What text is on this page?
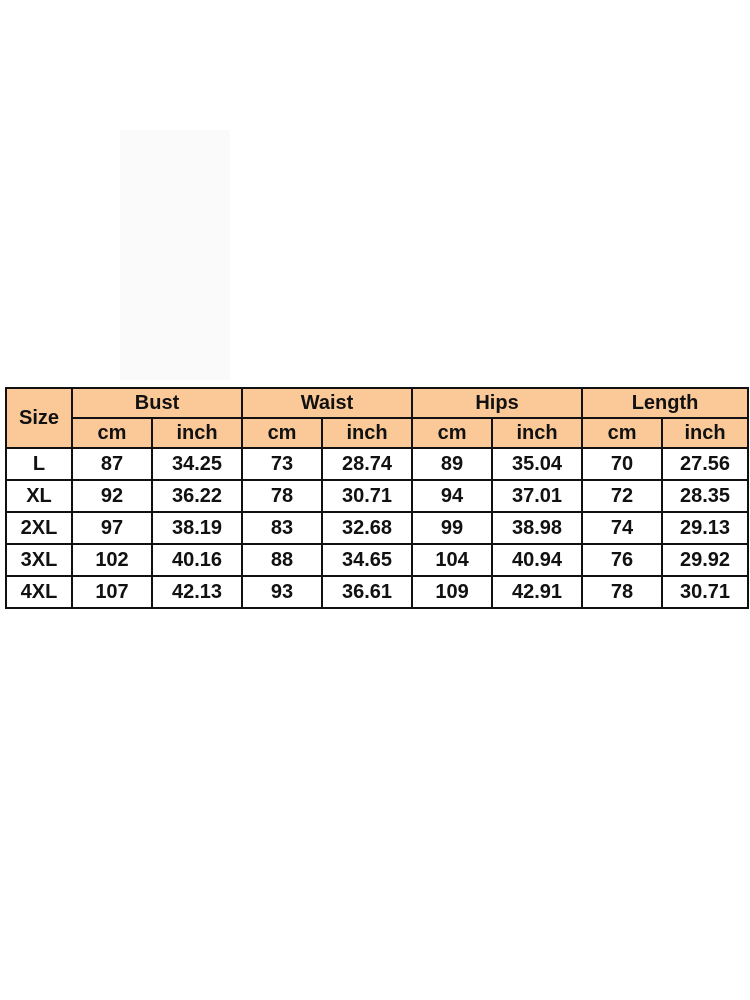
Size	Bust		Waist		Hips		Length	
	cm	inch	cm	inch	cm	inch	cm	inch
L	87	34.25	73	28.74	89	35.04	70	27.56
XL	92	36.22	78	30.71	94	37.01	72	28.35
2XL	97	38.19	83	32.68	99	38.98	74	29.13
3XL	102	40.16	88	34.65	104	40.94	76	29.92
4XL	107	42.13	93	36.61	109	42.91	78	30.71
